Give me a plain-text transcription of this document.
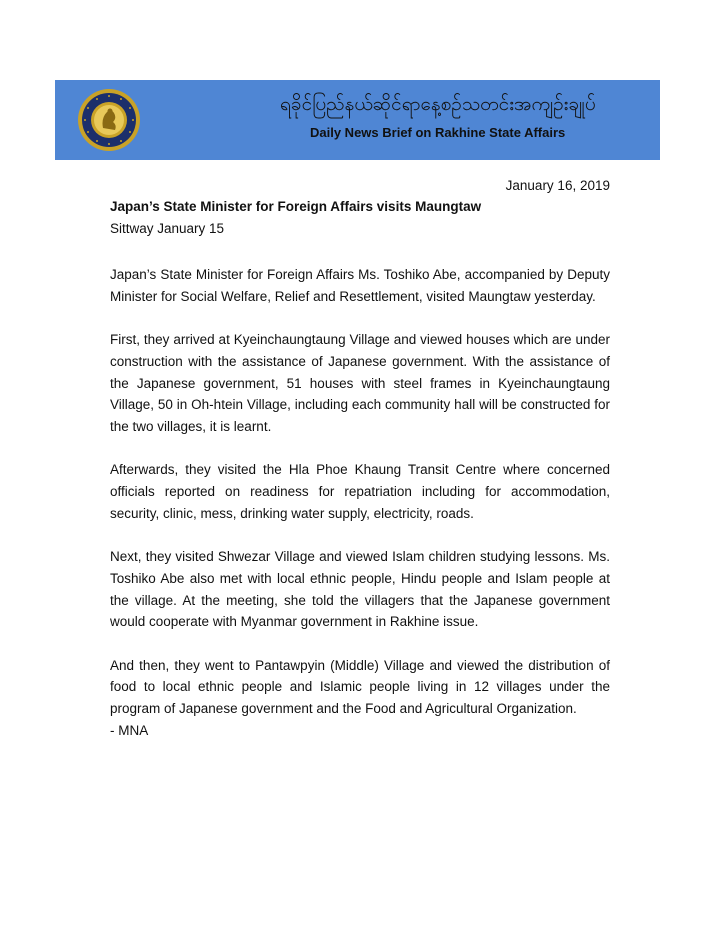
ရခိုင်ပြည်နယ်ဆိုင်ရာနေ့စဉ်သတင်းအကျဉ်းချုပ်
Daily News Brief on Rakhine State Affairs
January 16, 2019
Japan’s State Minister for Foreign Affairs visits Maungtaw
Sittway January 15

Japan’s State Minister for Foreign Affairs Ms. Toshiko Abe, accompanied by Deputy Minister for Social Welfare, Relief and Resettlement, visited Maungtaw yesterday.

First, they arrived at Kyeinchaungtaung Village and viewed houses which are under construction with the assistance of Japanese government. With the assistance of the Japanese government, 51 houses with steel frames in Kyeinchaungtaung Village, 50 in Oh-htein Village, including each community hall will be constructed for the two villages, it is learnt.

Afterwards, they visited the Hla Phoe Khaung Transit Centre where concerned officials reported on readiness for repatriation including for accommodation, security, clinic, mess, drinking water supply, electricity, roads.

Next, they visited Shwezar Village and viewed Islam children studying lessons. Ms. Toshiko Abe also met with local ethnic people, Hindu people and Islam people at the village. At the meeting, she told the villagers that the Japanese government would cooperate with Myanmar government in Rakhine issue.

And then, they went to Pantawpyin (Middle) Village and viewed the distribution of food to local ethnic people and Islamic people living in 12 villages under the program of Japanese government and the Food and Agricultural Organization.

- MNA
